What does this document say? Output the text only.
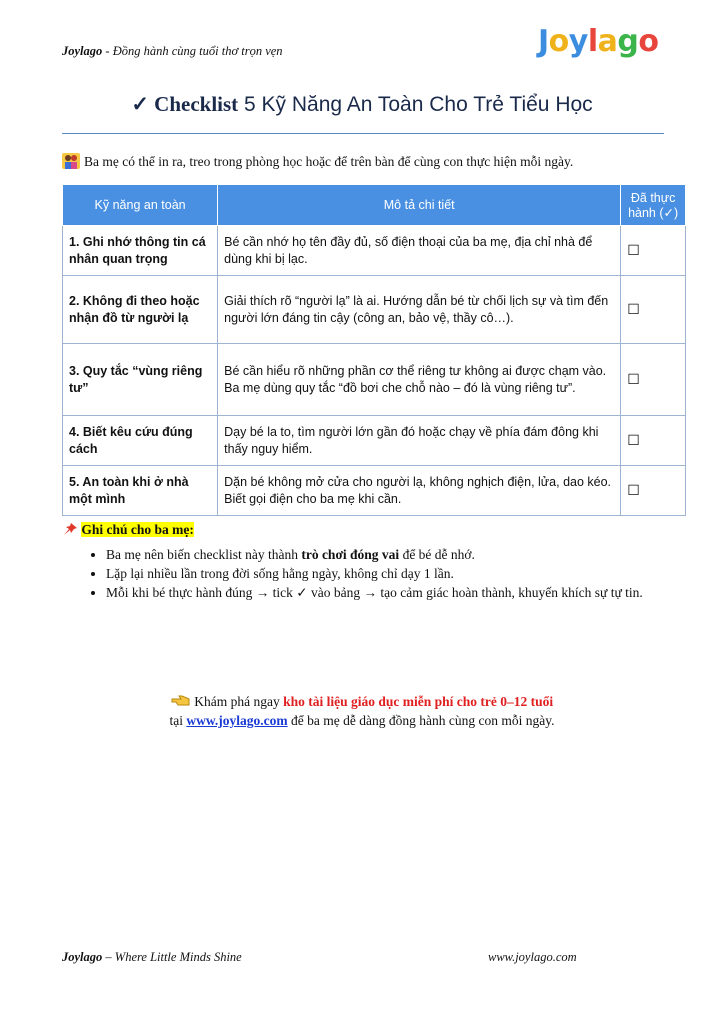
Joylago - Đồng hành cùng tuổi thơ trọn vẹn	Joylago
✓ Checklist 5 Kỹ Năng An Toàn Cho Trẻ Tiểu Học
Ba mẹ có thể in ra, treo trong phòng học hoặc để trên bàn để cùng con thực hiện mỗi ngày.
Kỹ năng an toàn	Mô tả chi tiết	Đã thực hành (✓)
1. Ghi nhớ thông tin cá nhân quan trọng	Bé cần nhớ họ tên đầy đủ, số điện thoại của ba mẹ, địa chỉ nhà để dùng khi bị lạc.	☐
2. Không đi theo hoặc nhận đồ từ người lạ	Giải thích rõ “người lạ” là ai. Hướng dẫn bé từ chối lịch sự và tìm đến người lớn đáng tin cậy (công an, bảo vệ, thầy cô…).	☐
3. Quy tắc “vùng riêng tư”	Bé cần hiểu rõ những phần cơ thể riêng tư không ai được chạm vào. Ba mẹ dùng quy tắc “đồ bơi che chỗ nào – đó là vùng riêng tư”.	☐
4. Biết kêu cứu đúng cách	Dạy bé la to, tìm người lớn gần đó hoặc chạy về phía đám đông khi thấy nguy hiểm.	☐
5. An toàn khi ở nhà một mình	Dặn bé không mở cửa cho người lạ, không nghịch điện, lửa, dao kéo. Biết gọi điện cho ba mẹ khi cần.	☐
Ghi chú cho ba mẹ:
• Ba mẹ nên biến checklist này thành trò chơi đóng vai để bé dễ nhớ.
• Lặp lại nhiều lần trong đời sống hằng ngày, không chỉ dạy 1 lần.
• Mỗi khi bé thực hành đúng → tick ✓ vào bảng → tạo cảm giác hoàn thành, khuyến khích sự tự tin.
Khám phá ngay kho tài liệu giáo dục miễn phí cho trẻ 0–12 tuổi
tại www.joylago.com để ba mẹ dễ dàng đồng hành cùng con mỗi ngày.
Joylago – Where Little Minds Shine	www.joylago.com
